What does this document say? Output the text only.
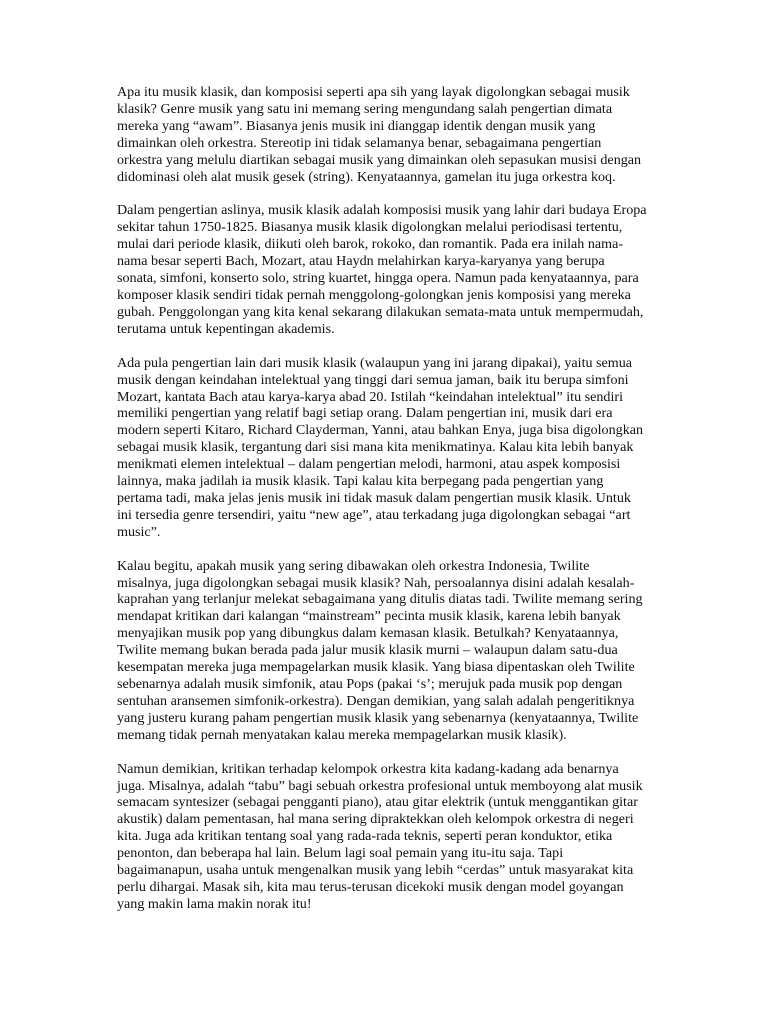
Apa itu musik klasik, dan komposisi seperti apa sih yang layak digolongkan sebagai musik
klasik? Genre musik yang satu ini memang sering mengundang salah pengertian dimata
mereka yang “awam”. Biasanya jenis musik ini dianggap identik dengan musik yang
dimainkan oleh orkestra. Stereotip ini tidak selamanya benar, sebagaimana pengertian
orkestra yang melulu diartikan sebagai musik yang dimainkan oleh sepasukan musisi dengan
didominasi oleh alat musik gesek (string). Kenyataannya, gamelan itu juga orkestra koq.

Dalam pengertian aslinya, musik klasik adalah komposisi musik yang lahir dari budaya Eropa
sekitar tahun 1750-1825. Biasanya musik klasik digolongkan melalui periodisasi tertentu,
mulai dari periode klasik, diikuti oleh barok, rokoko, dan romantik. Pada era inilah nama-
nama besar seperti Bach, Mozart, atau Haydn melahirkan karya-karyanya yang berupa
sonata, simfoni, konserto solo, string kuartet, hingga opera. Namun pada kenyataannya, para
komposer klasik sendiri tidak pernah menggolong-golongkan jenis komposisi yang mereka
gubah. Penggolongan yang kita kenal sekarang dilakukan semata-mata untuk mempermudah,
terutama untuk kepentingan akademis.

Ada pula pengertian lain dari musik klasik (walaupun yang ini jarang dipakai), yaitu semua
musik dengan keindahan intelektual yang tinggi dari semua jaman, baik itu berupa simfoni
Mozart, kantata Bach atau karya-karya abad 20. Istilah “keindahan intelektual” itu sendiri
memiliki pengertian yang relatif bagi setiap orang. Dalam pengertian ini, musik dari era
modern seperti Kitaro, Richard Clayderman, Yanni, atau bahkan Enya, juga bisa digolongkan
sebagai musik klasik, tergantung dari sisi mana kita menikmatinya. Kalau kita lebih banyak
menikmati elemen intelektual – dalam pengertian melodi, harmoni, atau aspek komposisi
lainnya, maka jadilah ia musik klasik. Tapi kalau kita berpegang pada pengertian yang
pertama tadi, maka jelas jenis musik ini tidak masuk dalam pengertian musik klasik. Untuk
ini tersedia genre tersendiri, yaitu “new age”, atau terkadang juga digolongkan sebagai “art
music”.

Kalau begitu, apakah musik yang sering dibawakan oleh orkestra Indonesia, Twilite
misalnya, juga digolongkan sebagai musik klasik? Nah, persoalannya disini adalah kesalah-
kaprahan yang terlanjur melekat sebagaimana yang ditulis diatas tadi. Twilite memang sering
mendapat kritikan dari kalangan “mainstream” pecinta musik klasik, karena lebih banyak
menyajikan musik pop yang dibungkus dalam kemasan klasik. Betulkah? Kenyataannya,
Twilite memang bukan berada pada jalur musik klasik murni – walaupun dalam satu-dua
kesempatan mereka juga mempagelarkan musik klasik. Yang biasa dipentaskan oleh Twilite
sebenarnya adalah musik simfonik, atau Pops (pakai ‘s’; merujuk pada musik pop dengan
sentuhan aransemen simfonik-orkestra). Dengan demikian, yang salah adalah pengeritiknya
yang justeru kurang paham pengertian musik klasik yang sebenarnya (kenyataannya, Twilite
memang tidak pernah menyatakan kalau mereka mempagelarkan musik klasik).

Namun demikian, kritikan terhadap kelompok orkestra kita kadang-kadang ada benarnya
juga. Misalnya, adalah “tabu” bagi sebuah orkestra profesional untuk memboyong alat musik
semacam syntesizer (sebagai pengganti piano), atau gitar elektrik (untuk menggantikan gitar
akustik) dalam pementasan, hal mana sering dipraktekkan oleh kelompok orkestra di negeri
kita. Juga ada kritikan tentang soal yang rada-rada teknis, seperti peran konduktor, etika
penonton, dan beberapa hal lain. Belum lagi soal pemain yang itu-itu saja. Tapi
bagaimanapun, usaha untuk mengenalkan musik yang lebih “cerdas” untuk masyarakat kita
perlu dihargai. Masak sih, kita mau terus-terusan dicekoki musik dengan model goyangan
yang makin lama makin norak itu!
